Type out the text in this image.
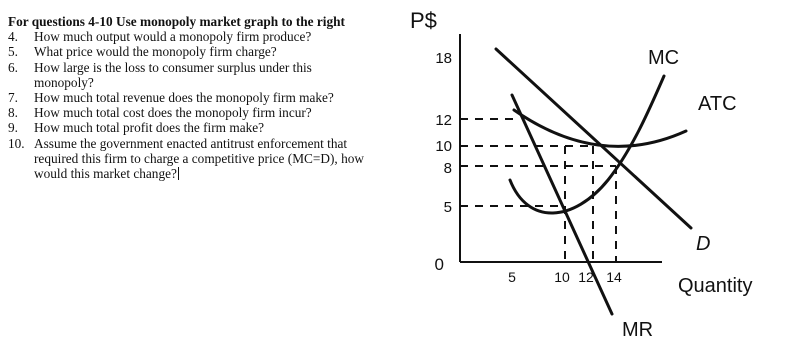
For questions 4-10 Use monopoly market graph to the right

4.	How much output would a monopoly firm produce?
5.	What price would the monopoly firm charge?
6.	How large is the loss to consumer surplus under this monopoly?
7.	How much total revenue does the monopoly firm make?
8.	How much total cost does the monopoly firm incur?
9.	How much total profit does the firm make?
10. Assume the government enacted antitrust enforcement that required this firm to charge a competitive price (MC=D), how would this market change?
P$
18
12
10
8
5
0
5	10 12 14	Quantity
MC
ATC
D
MR
